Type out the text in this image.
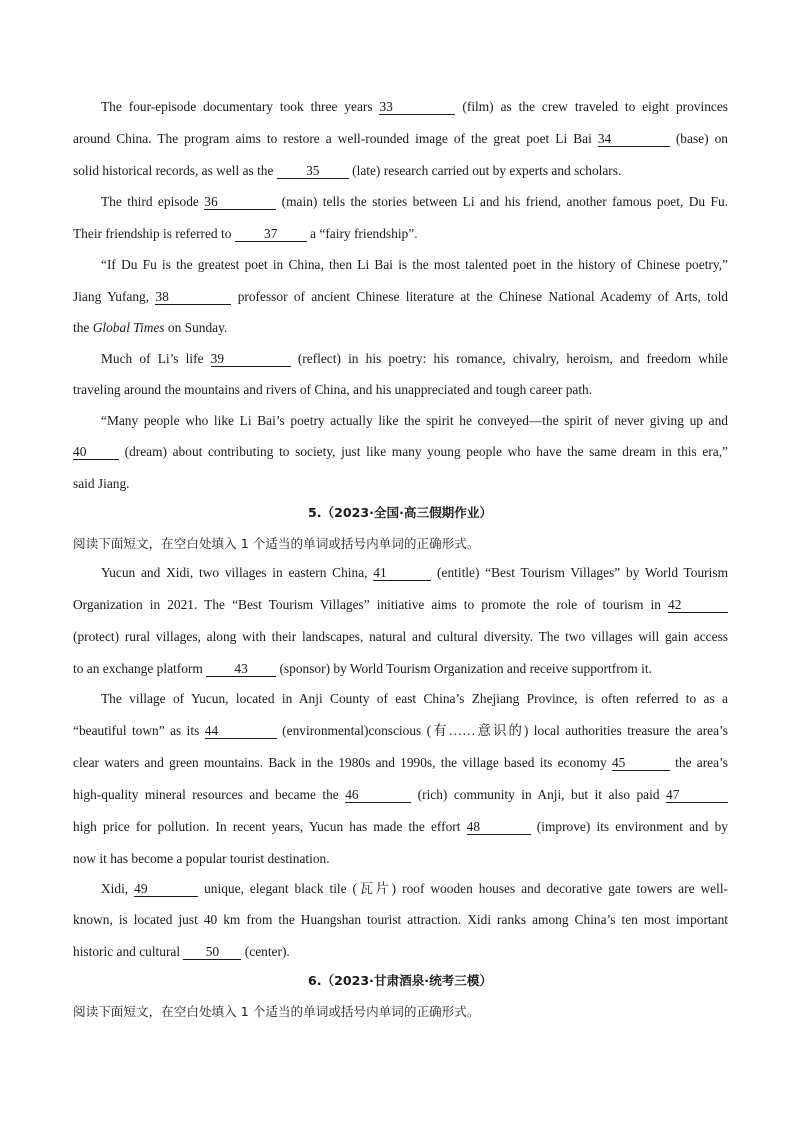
The four-episode documentary took three years 33	(film) as the crew traveled to eight provinces
around China. The program aims to restore a well-rounded image of the great poet Li Bai 34	(base) on
solid historical records, as well as the 35 (late) research carried out by experts and scholars.
The third episode 36	(main) tells the stories between Li and his friend, another famous poet, Du Fu.
Their friendship is referred to 37 a “fairy friendship”.
“If Du Fu is the greatest poet in China, then Li Bai is the most talented poet in the history of Chinese poetry,”
Jiang Yufang, 38	professor of ancient Chinese literature at the Chinese National Academy of Arts, told
the Global Times on Sunday.
Much of Li’s life 39	(reflect) in his poetry: his romance, chivalry, heroism, and freedom while
traveling around the mountains and rivers of China, and his unappreciated and tough career path.
“Many people who like Li Bai’s poetry actually like the spirit he conveyed—the spirit of never giving up and
40 (dream) about contributing to society, just like many young people who have the same dream in this era,”
said Jiang.
5.（2023·全国·高三假期作业）
阅读下面短文，在空白处填入 1 个适当的单词或括号内单词的正确形式。
Yucun and Xidi, two villages in eastern China, 41	(entitle) “Best Tourism Villages” by World Tourism
Organization in 2021. The “Best Tourism Villages” initiative aims to promote the role of tourism in 42
(protect) rural villages, along with their landscapes, natural and cultural diversity. The two villages will gain access
to an exchange platform 43 (sponsor) by World Tourism Organization and receive supportfrom it.
The village of Yucun, located in Anji County of east China’s Zhejiang Province, is often referred to as a
“beautiful town” as its 44	(environmental)conscious (有……意识的) local authorities treasure the area’s
clear waters and green mountains. Back in the 1980s and 1990s, the village based its economy 45	the area’s
high-quality mineral resources and became the 46	(rich) community in Anji, but it also paid 47
high price for pollution. In recent years, Yucun has made the effort 48	(improve) its environment and by
now it has become a popular tourist destination.
Xidi, 49	unique, elegant black tile (瓦片) roof wooden houses and decorative gate towers are well-
known, is located just 40 km from the Huangshan tourist attraction. Xidi ranks among China’s ten most important
historic and cultural 50 (center).
6.（2023·甘肃酒泉·统考三模）
阅读下面短文，在空白处填入 1 个适当的单词或括号内单词的正确形式。
